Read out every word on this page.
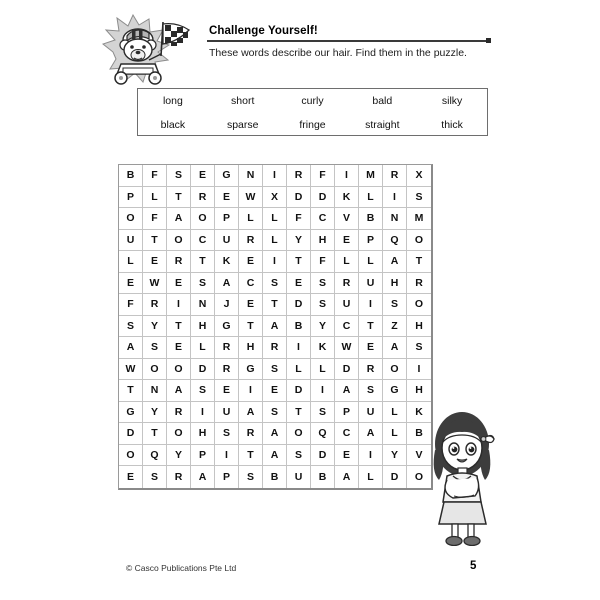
Challenge Yourself!
These words describe our hair. Find them in the puzzle.
long	short	curly	bald	silky
black	sparse	fringe	straight	thick
B	F	S	E	G	N	I	R	F	I	M	R	X
P	L	T	R	E	W	X	D	D	K	L	I	S
O	F	A	O	P	L	L	F	C	V	B	N	M
U	T	O	C	U	R	L	Y	H	E	P	Q	O
L	E	R	T	K	E	I	T	F	L	L	A	T
E	W	E	S	A	C	S	E	S	R	U	H	R
F	R	I	N	J	E	T	D	S	U	I	S	O
S	Y	T	H	G	T	A	B	Y	C	T	Z	H
A	S	E	L	R	H	R	I	K	W	E	A	S
W	O	O	D	R	G	S	L	L	D	R	O	I
T	N	A	S	E	I	E	D	I	A	S	G	H
G	Y	R	I	U	A	S	T	S	P	U	L	K
D	T	O	H	S	R	A	O	Q	C	A	L	B
O	Q	Y	P	I	T	A	S	D	E	I	Y	V
E	S	R	A	P	S	B	U	B	A	L	D	O
© Casco Publications Pte Ltd	5
